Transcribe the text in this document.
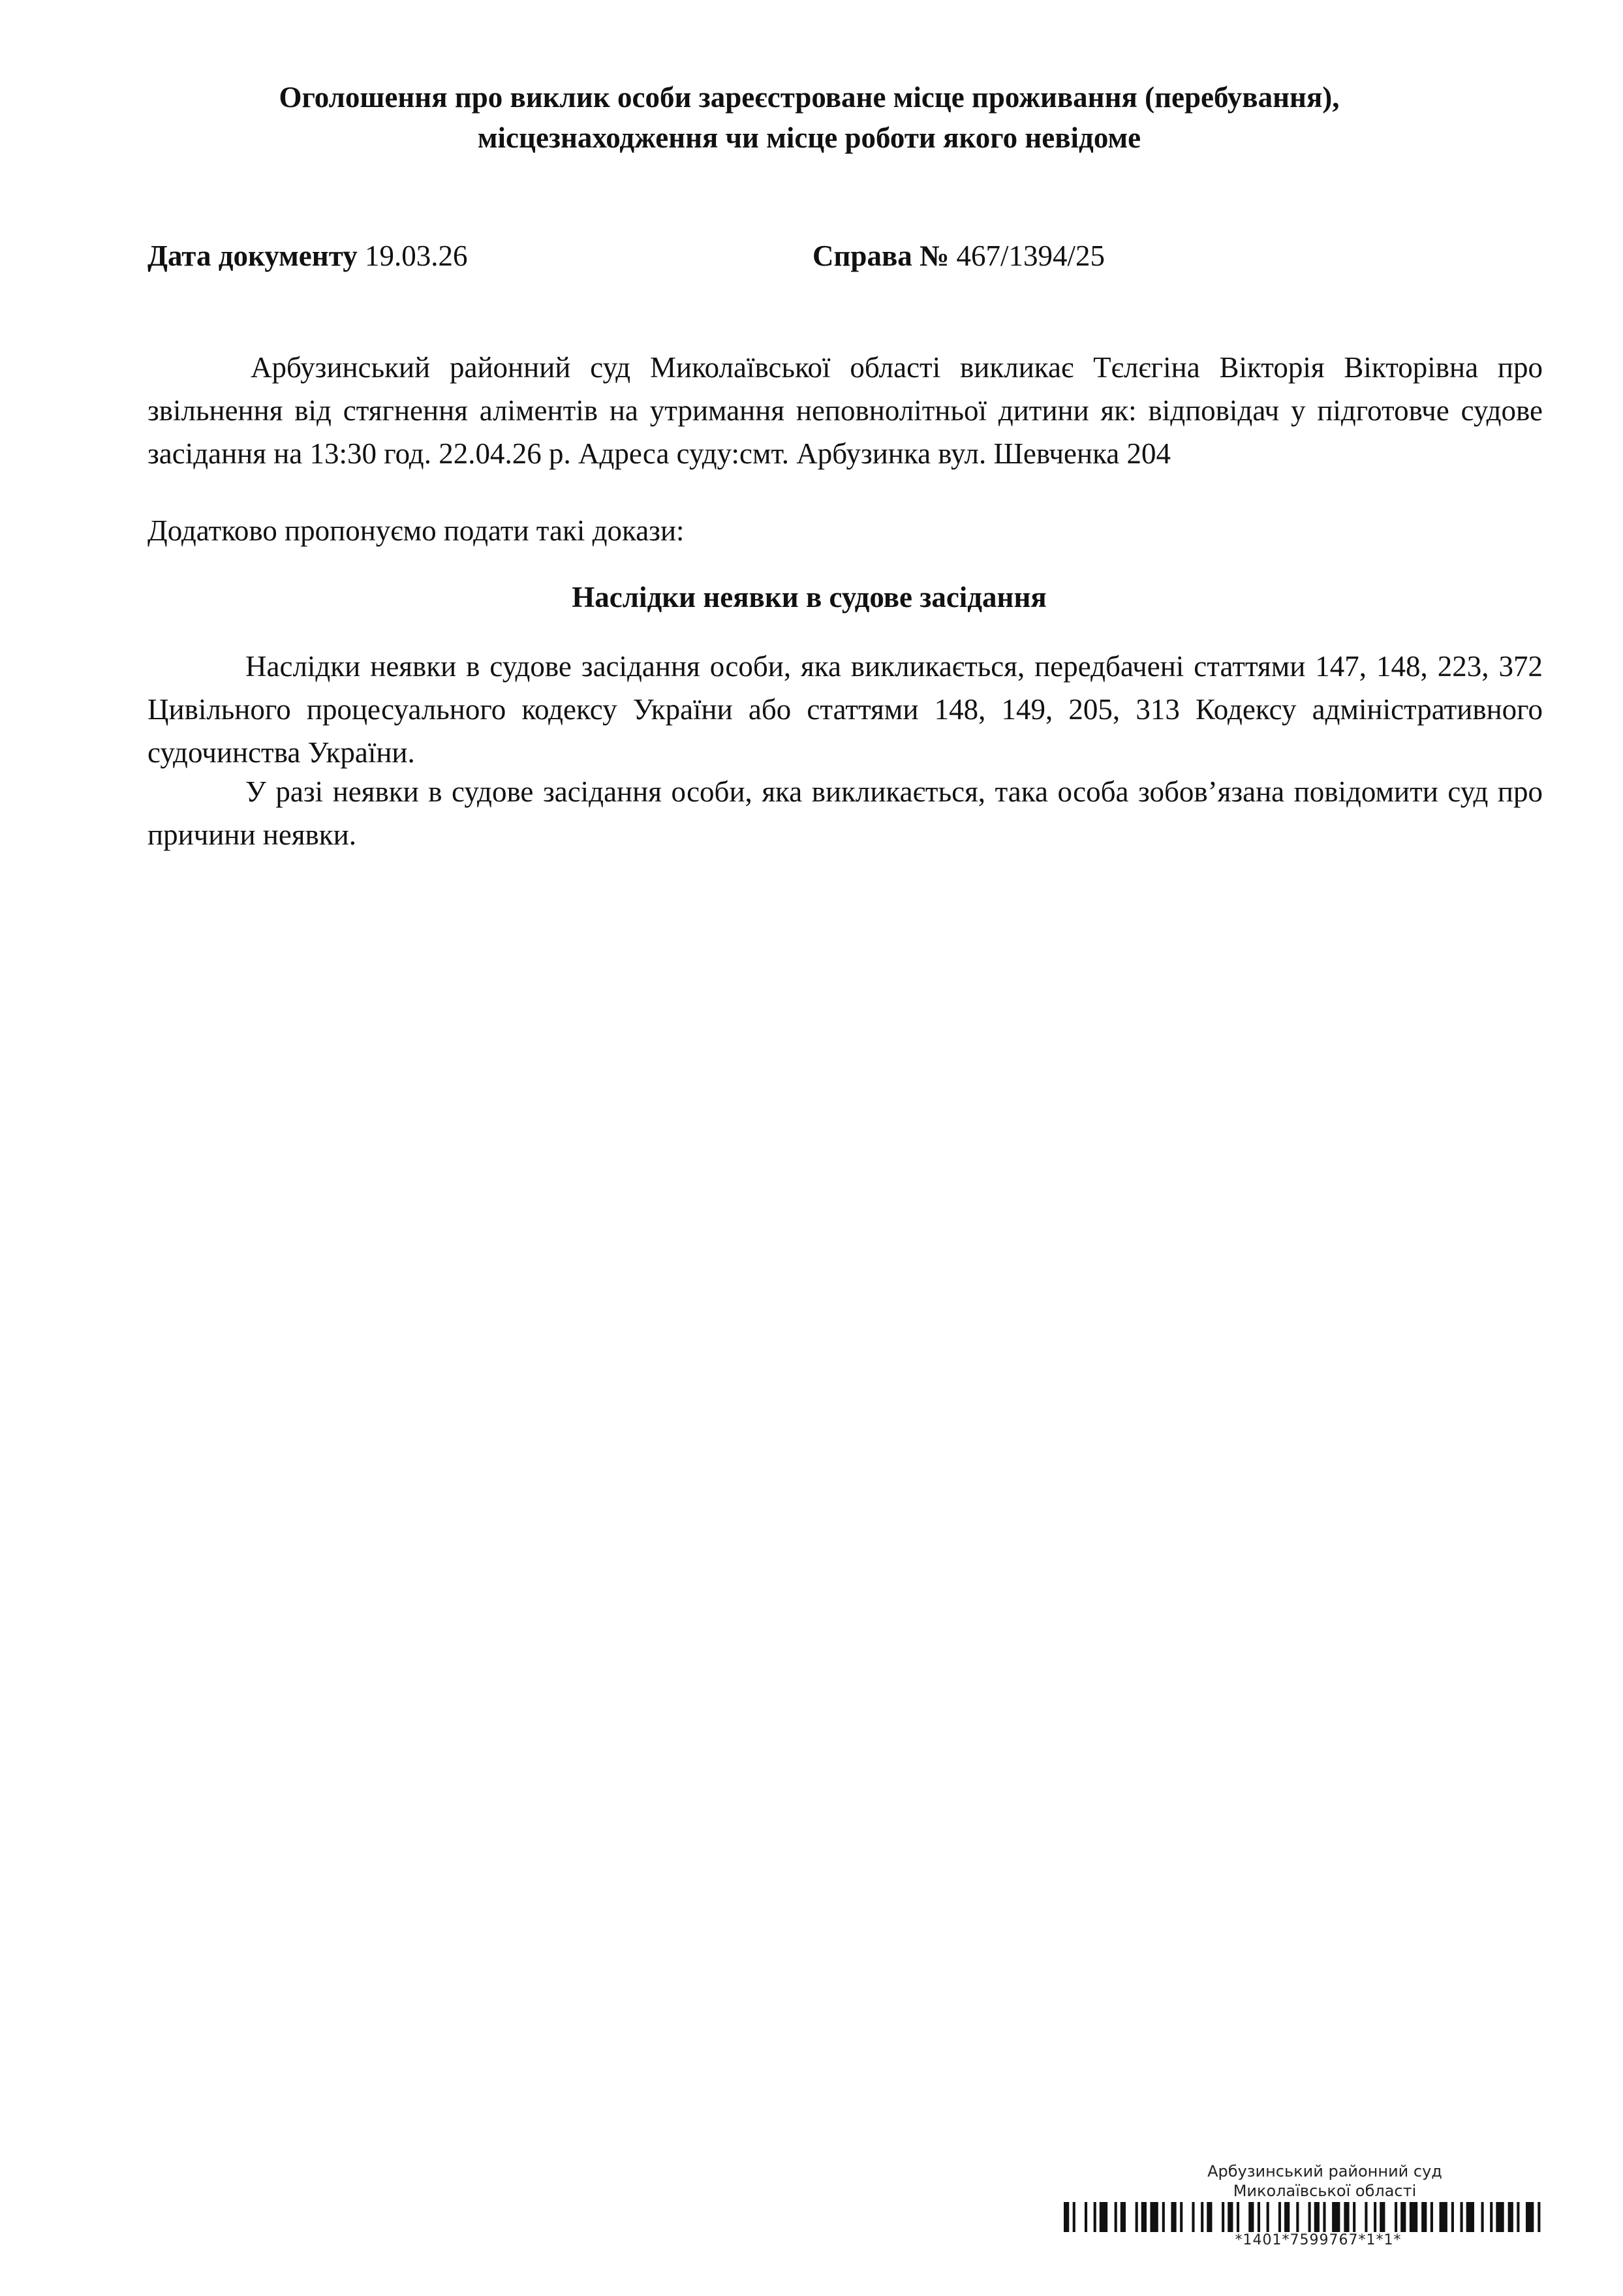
Оголошення про виклик особи зареєстроване місце проживання (перебування),
місцезнаходження чи місце роботи якого невідоме
Дата документу 19.03.26	Справа № 467/1394/25
Арбузинський районний суд Миколаївської області викликає Тєлєгіна Вікторія Вікторівна про звільнення від стягнення аліментів на утримання неповнолітньої дитини як: відповідач у підготовче судове засідання на 13:30 год. 22.04.26 р. Адреса суду:смт. Арбузинка вул. Шевченка 204
Додатково пропонуємо подати такі докази:
Наслідки неявки в судове засідання
Наслідки неявки в судове засідання особи, яка викликається, передбачені статтями 147, 148, 223, 372 Цивільного процесуального кодексу України або статтями 148, 149, 205, 313 Кодексу адміністративного судочинства України.
У разі неявки в судове засідання особи, яка викликається, така особа зобов’язана повідомити суд про причини неявки.
Арбузинський районний суд
Миколаївської області
*1401*7599767*1*1*
